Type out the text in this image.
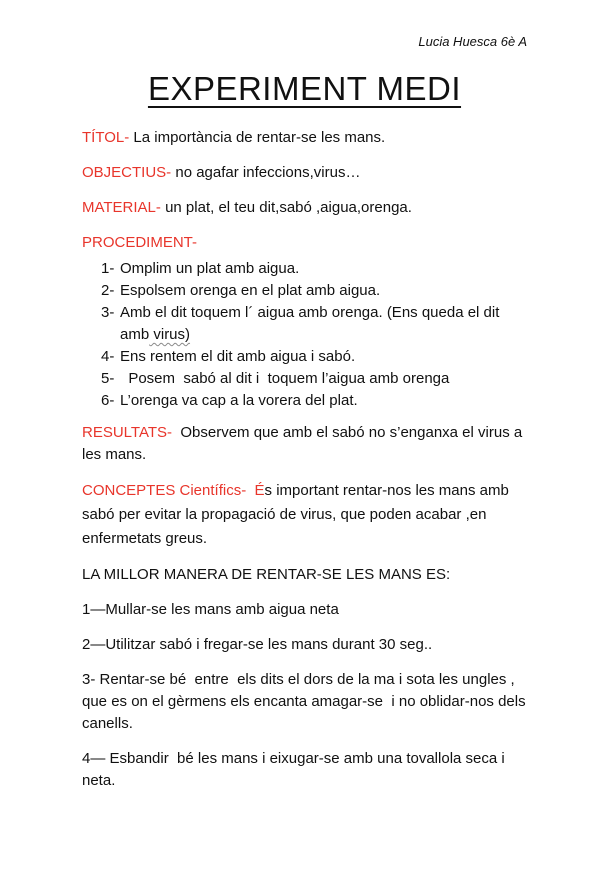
Lucia Huesca 6è A
EXPERIMENT MEDI

TÍTOL- La importància de rentar-se les mans.

OBJECTIUS- no agafar infeccions,virus…

MATERIAL- un plat, el teu dit,sabó ,aigua,orenga.

PROCEDIMENT-

1- Omplim un plat amb aigua.
2- Espolsem orenga en el plat amb aigua.
3- Amb el dit toquem l´ aigua amb orenga. (Ens queda el dit amb virus)
4- Ens rentem el dit amb aigua i sabó.
5- Posem  sabó al dit i  toquem l’aigua amb orenga
6- L’orenga va cap a la vorera del plat.

RESULTATS-  Observem que amb el sabó no s’enganxa el virus a les mans.

CONCEPTES Científics-  És important rentar-nos les mans amb sabó per evitar la propagació de virus, que poden acabar ,en enfermetats greus.

LA MILLOR MANERA DE RENTAR-SE LES MANS ES:

1—Mullar-se les mans amb aigua neta

2—Utilitzar sabó i fregar-se les mans durant 30 seg..

3- Rentar-se bé  entre  els dits el dors de la ma i sota les ungles , que es on el gèrmens els encanta amagar-se  i no oblidar-nos dels canells.

4— Esbandir  bé les mans i eixugar-se amb una tovallola seca i neta.
